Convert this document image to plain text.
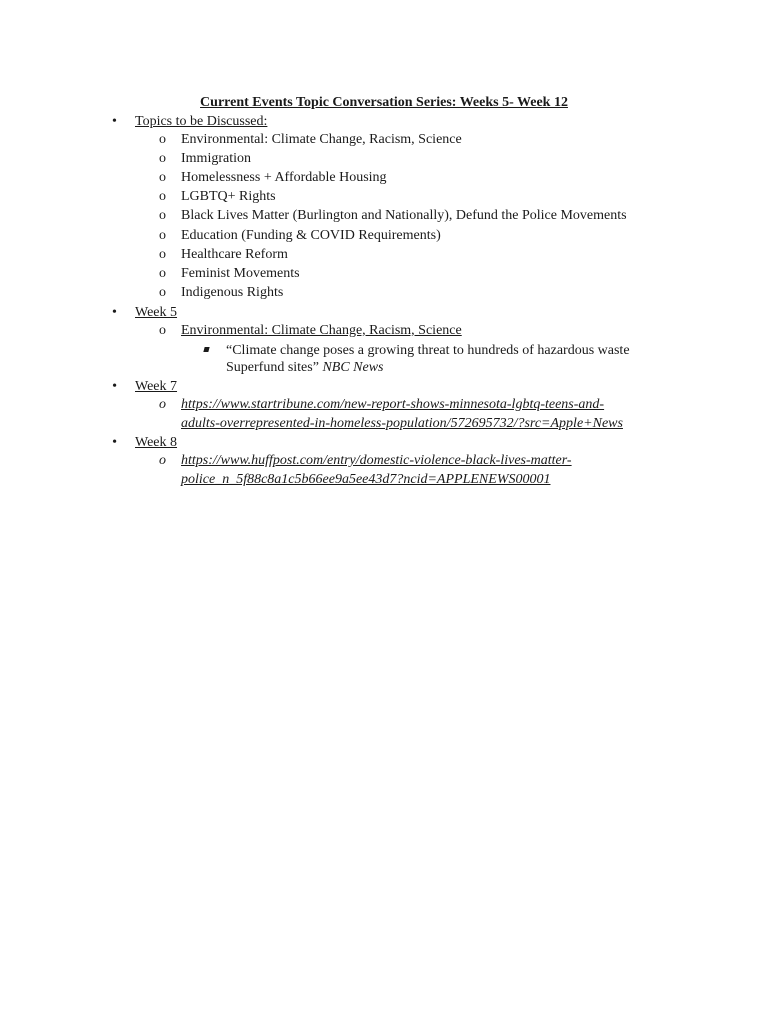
Current Events Topic Conversation Series: Weeks 5- Week 12
• Topics to be Discussed:
o Environmental: Climate Change, Racism, Science
o Immigration
o Homelessness + Affordable Housing
o LGBTQ+ Rights
o Black Lives Matter (Burlington and Nationally), Defund the Police Movements
o Education (Funding & COVID Requirements)
o Healthcare Reform
o Feminist Movements
o Indigenous Rights
• Week 5
o Environmental: Climate Change, Racism, Science
“Climate change poses a growing threat to hundreds of hazardous waste
Superfund sites” NBC News
• Week 7
o https://www.startribune.com/new-report-shows-minnesota-lgbtq-teens-and-
adults-overrepresented-in-homeless-population/572695732/?src=Apple+News
• Week 8
o https://www.huffpost.com/entry/domestic-violence-black-lives-matter-
police_n_5f88c8a1c5b66ee9a5ee43d7?ncid=APPLENEWS00001
